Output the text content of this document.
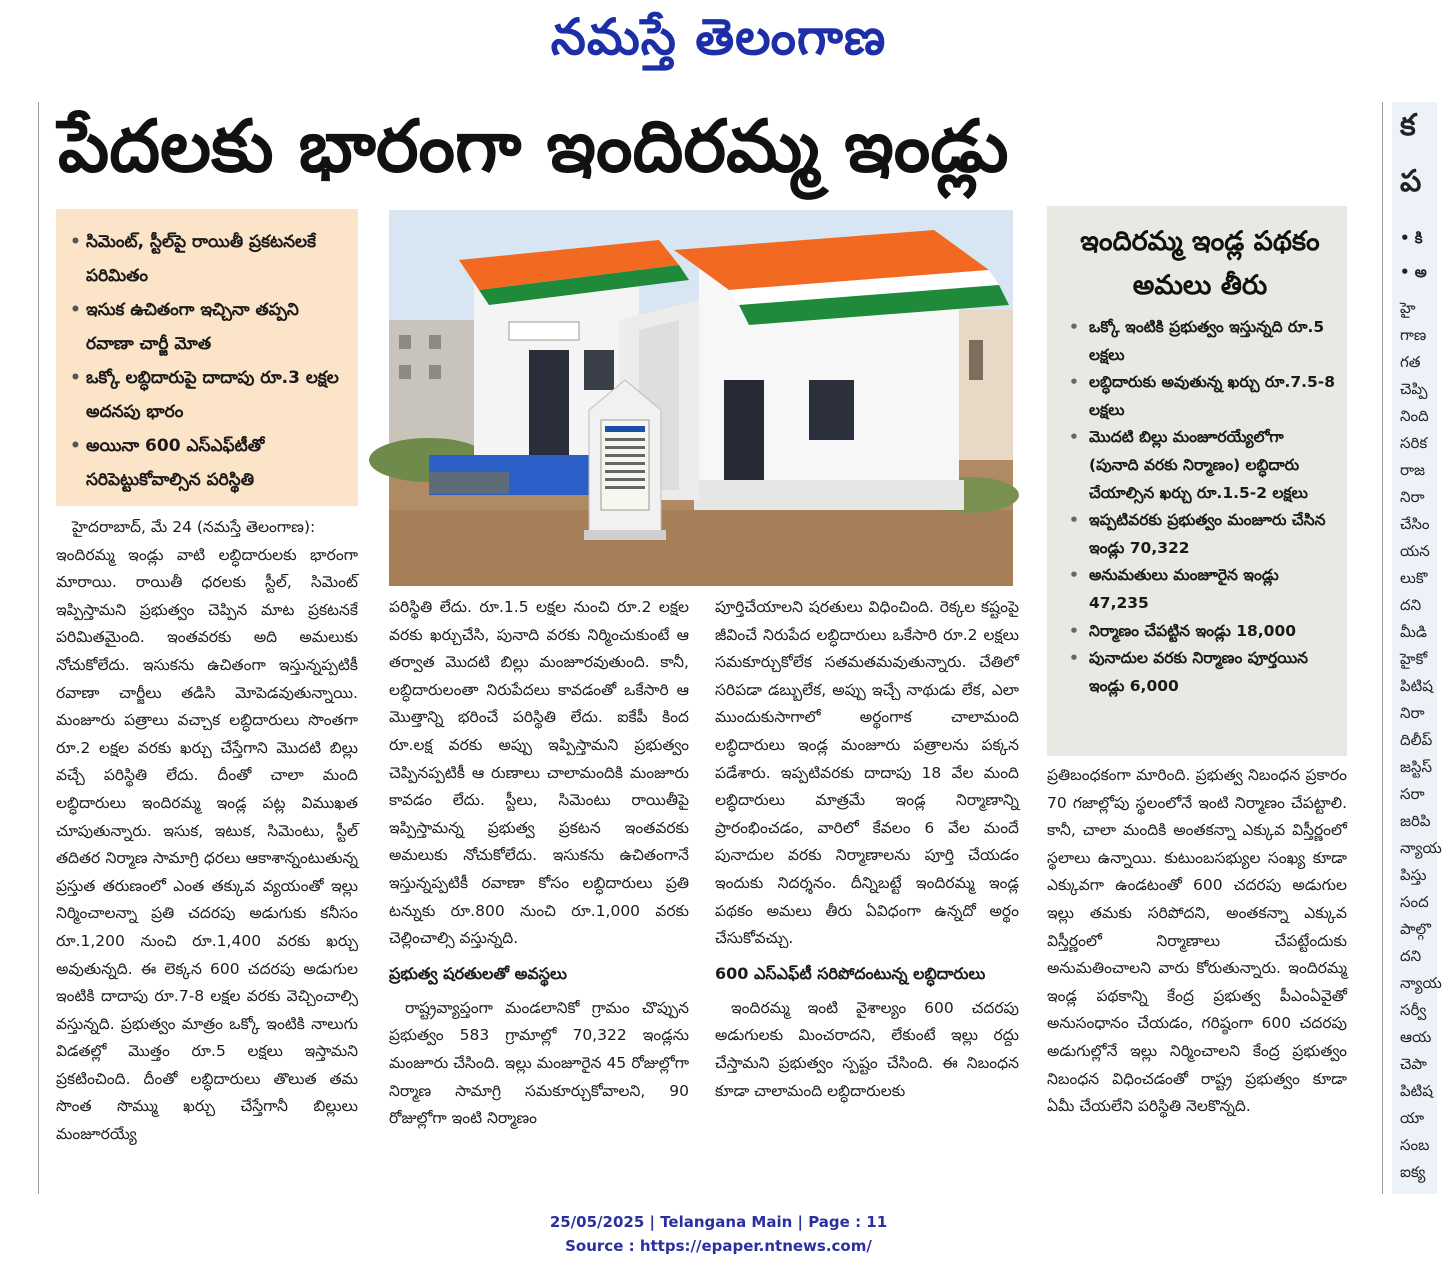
నమస్తే తెలంగాణ
పేదలకు భారంగా ఇందిరమ్మ ఇండ్లు
• సిమెంట్, స్టీల్‌పై రాయితీ ప్రకటనలకే పరిమితం
• ఇసుక ఉచితంగా ఇచ్చినా తప్పని రవాణా చార్జీ మోత
• ఒక్కో లబ్ధిదారుపై దాదాపు రూ.3 లక్షల అదనపు భారం
• అయినా 600 ఎస్‌ఎఫ్‌టీతో సరిపెట్టుకోవాల్సిన పరిస్థితి

హైదరాబాద్, మే 24 (నమస్తే తెలంగాణ):

ఇందిరమ్మ ఇండ్లు వాటి లబ్ధిదారులకు భారంగా మారాయి. రాయితీ ధరలకు స్టీల్, సిమెంట్ ఇప్పిస్తామని ప్రభుత్వం చెప్పిన మాట ప్రకటనకే పరిమితమైంది. ఇంతవరకు అది అమలుకు నోచుకోలేదు. ఇసుకను ఉచితంగా ఇస్తున్నప్పటికీ రవాణా చార్జీలు తడిసి మోపెడవుతున్నాయి. మంజూరు పత్రాలు వచ్చాక లబ్ధిదారులు సొంతగా రూ.2 లక్షల వరకు ఖర్చు చేస్తేగాని మొదటి బిల్లు వచ్చే పరిస్థితి లేదు. దీంతో చాలా మంది లబ్ధిదారులు ఇందిరమ్మ ఇండ్ల పట్ల విముఖత చూపుతున్నారు. ఇసుక, ఇటుక, సిమెంటు, స్టీల్ తదితర నిర్మాణ సామాగ్రి ధరలు ఆకాశాన్నంటుతున్న ప్రస్తుత తరుణంలో ఎంత తక్కువ వ్యయంతో ఇల్లు నిర్మించాలన్నా ప్రతి చదరపు అడుగుకు కనీసం రూ.1,200 నుంచి రూ.1,400 వరకు ఖర్చు అవుతున్నది. ఈ లెక్కన 600 చదరపు అడుగుల ఇంటికి దాదాపు రూ.7-8 లక్షల వరకు వెచ్చించాల్సి వస్తున్నది. ప్రభుత్వం మాత్రం ఒక్కో ఇంటికి నాలుగు విడతల్లో మొత్తం రూ.5 లక్షలు ఇస్తామని ప్రకటించింది. దీంతో లబ్ధిదారులు తొలుత తమ సొంత సొమ్ము ఖర్చు చేస్తేగానీ బిల్లులు మంజూరయ్యే

పరిస్థితి లేదు. రూ.1.5 లక్షల నుంచి రూ.2 లక్షల వరకు ఖర్చుచేసి, పునాది వరకు నిర్మించుకుంటే ఆ తర్వాత మొదటి బిల్లు మంజూరవుతుంది. కానీ, లబ్ధిదారులంతా నిరుపేదలు కావడంతో ఒకేసారి ఆ మొత్తాన్ని భరించే పరిస్థితి లేదు. ఐకేపీ కింద రూ.లక్ష వరకు అప్పు ఇప్పిస్తామని ప్రభుత్వం చెప్పినప్పటికీ ఆ రుణాలు చాలామందికి మంజూరు కావడం లేదు. స్టీలు, సిమెంటు రాయితీపై ఇప్పిస్తామన్న ప్రభుత్వ ప్రకటన ఇంతవరకు అమలుకు నోచుకోలేదు. ఇసుకను ఉచితంగానే ఇస్తున్నప్పటికీ రవాణా కోసం లబ్ధిదారులు ప్రతి టన్నుకు రూ.800 నుంచి రూ.1,000 వరకు చెల్లించాల్సి వస్తున్నది.

ప్రభుత్వ షరతులతో అవస్థలు

రాష్ట్రవ్యాప్తంగా మండలానికో గ్రామం చొప్పున ప్రభుత్వం 583 గ్రామాల్లో 70,322 ఇండ్లను మంజూరు చేసింది. ఇల్లు మంజూరైన 45 రోజుల్లోగా నిర్మాణ సామాగ్రి సమకూర్చుకోవాలని, 90 రోజుల్లోగా ఇంటి నిర్మాణం

పూర్తిచేయాలని షరతులు విధించింది. రెక్కల కష్టంపై జీవించే నిరుపేద లబ్ధిదారులు ఒకేసారి రూ.2 లక్షలు సమకూర్చుకోలేక సతమతమవుతున్నారు. చేతిలో సరిపడా డబ్బులేక, అప్పు ఇచ్చే నాథుడు లేక, ఎలా ముందుకుసాగాలో అర్థంగాక చాలామంది లబ్ధిదారులు ఇండ్ల మంజూరు పత్రాలను పక్కన పడేశారు. ఇప్పటివరకు దాదాపు 18 వేల మంది లబ్ధిదారులు మాత్రమే ఇండ్ల నిర్మాణాన్ని ప్రారంభించడం, వారిలో కేవలం 6 వేల మందే పునాదుల వరకు నిర్మాణాలను పూర్తి చేయడం ఇందుకు నిదర్శనం. దీన్నిబట్టే ఇందిరమ్మ ఇండ్ల పథకం అమలు తీరు ఏవిధంగా ఉన్నదో అర్థం చేసుకోవచ్చు.

600 ఎస్‌ఎఫ్‌టీ సరిపోదంటున్న లబ్ధిదారులు

ఇందిరమ్మ ఇంటి వైశాల్యం 600 చదరపు అడుగులకు మించరాదని, లేకుంటే ఇల్లు రద్దు చేస్తామని ప్రభుత్వం స్పష్టం చేసింది. ఈ నిబంధన కూడా చాలామంది లబ్ధిదారులకు

ఇందిరమ్మ ఇండ్ల పథకం అమలు తీరు
• ఒక్కో ఇంటికి ప్రభుత్వం ఇస్తున్నది రూ.5 లక్షలు
• లబ్ధిదారుకు అవుతున్న ఖర్చు రూ.7.5-8 లక్షలు
• మొదటి బిల్లు మంజూరయ్యేలోగా (పునాది వరకు నిర్మాణం) లబ్ధిదారు చేయాల్సిన ఖర్చు రూ.1.5-2 లక్షలు
• ఇప్పటివరకు ప్రభుత్వం మంజూరు చేసిన ఇండ్లు 70,322
• అనుమతులు మంజూరైన ఇండ్లు 47,235
• నిర్మాణం చేపట్టిన ఇండ్లు 18,000
• పునాదుల వరకు నిర్మాణం పూర్తయిన ఇండ్లు 6,000

ప్రతిబంధకంగా మారింది. ప్రభుత్వ నిబంధన ప్రకారం 70 గజాల్లోపు స్థలంలోనే ఇంటి నిర్మాణం చేపట్టాలి. కానీ, చాలా మందికి అంతకన్నా ఎక్కువ విస్తీర్ణంలో స్థలాలు ఉన్నాయి. కుటుంబసభ్యుల సంఖ్య కూడా ఎక్కువగా ఉండటంతో 600 చదరపు అడుగుల ఇల్లు తమకు సరిపోదని, అంతకన్నా ఎక్కువ విస్తీర్ణంలో నిర్మాణాలు చేపట్టేందుకు అనుమతించాలని వారు కోరుతున్నారు. ఇందిరమ్మ ఇండ్ల పథకాన్ని కేంద్ర ప్రభుత్వ పీఎంఏవైతో అనుసంధానం చేయడం, గరిష్ఠంగా 600 చదరపు అడుగుల్లోనే ఇల్లు నిర్మించాలని కేంద్ర ప్రభుత్వం నిబంధన విధించడంతో రాష్ట్ర ప్రభుత్వం కూడా ఏమీ చేయలేని పరిస్థితి నెలకొన్నది.

క
ప
• కి
• అ
హై
గాణ
గత
చెప్పి
నింది
సరిక
రాజ
నిరా
చేసిం
యన
లుకొ
దని
మీడి
హైకో
పిటిష
నిరా
దిలీప్
జస్టిస్
సరా
జరిపి
న్యాయ
పిస్తు
సంద
పాల్గొ
దని
న్యాయ
సర్వీ
ఆయ
చెపా
పిటిష
యా
సంబ
ఐక్య
25/05/2025 | Telangana Main | Page : 11
Source : https://epaper.ntnews.com/
